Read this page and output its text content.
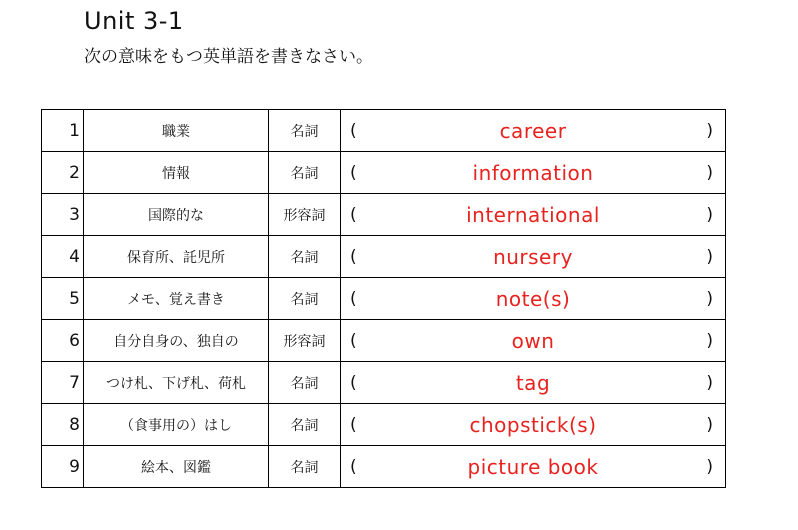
Unit 3-1
次の意味をもつ英単語を書きなさい。
1	職業	名詞	( career )

2	情報	名詞	( information )

3	国際的な	形容詞	( international )

4	保育所、託児所	名詞	( nursery )

5	メモ、覚え書き	名詞	( note(s) )

6	自分自身の、独自の	形容詞	( own )

7	つけ札、下げ札、荷札	名詞	( tag )

8	（食事用の）はし	名詞	( chopstick(s) )

9	絵本、図鑑	名詞	( picture book )
